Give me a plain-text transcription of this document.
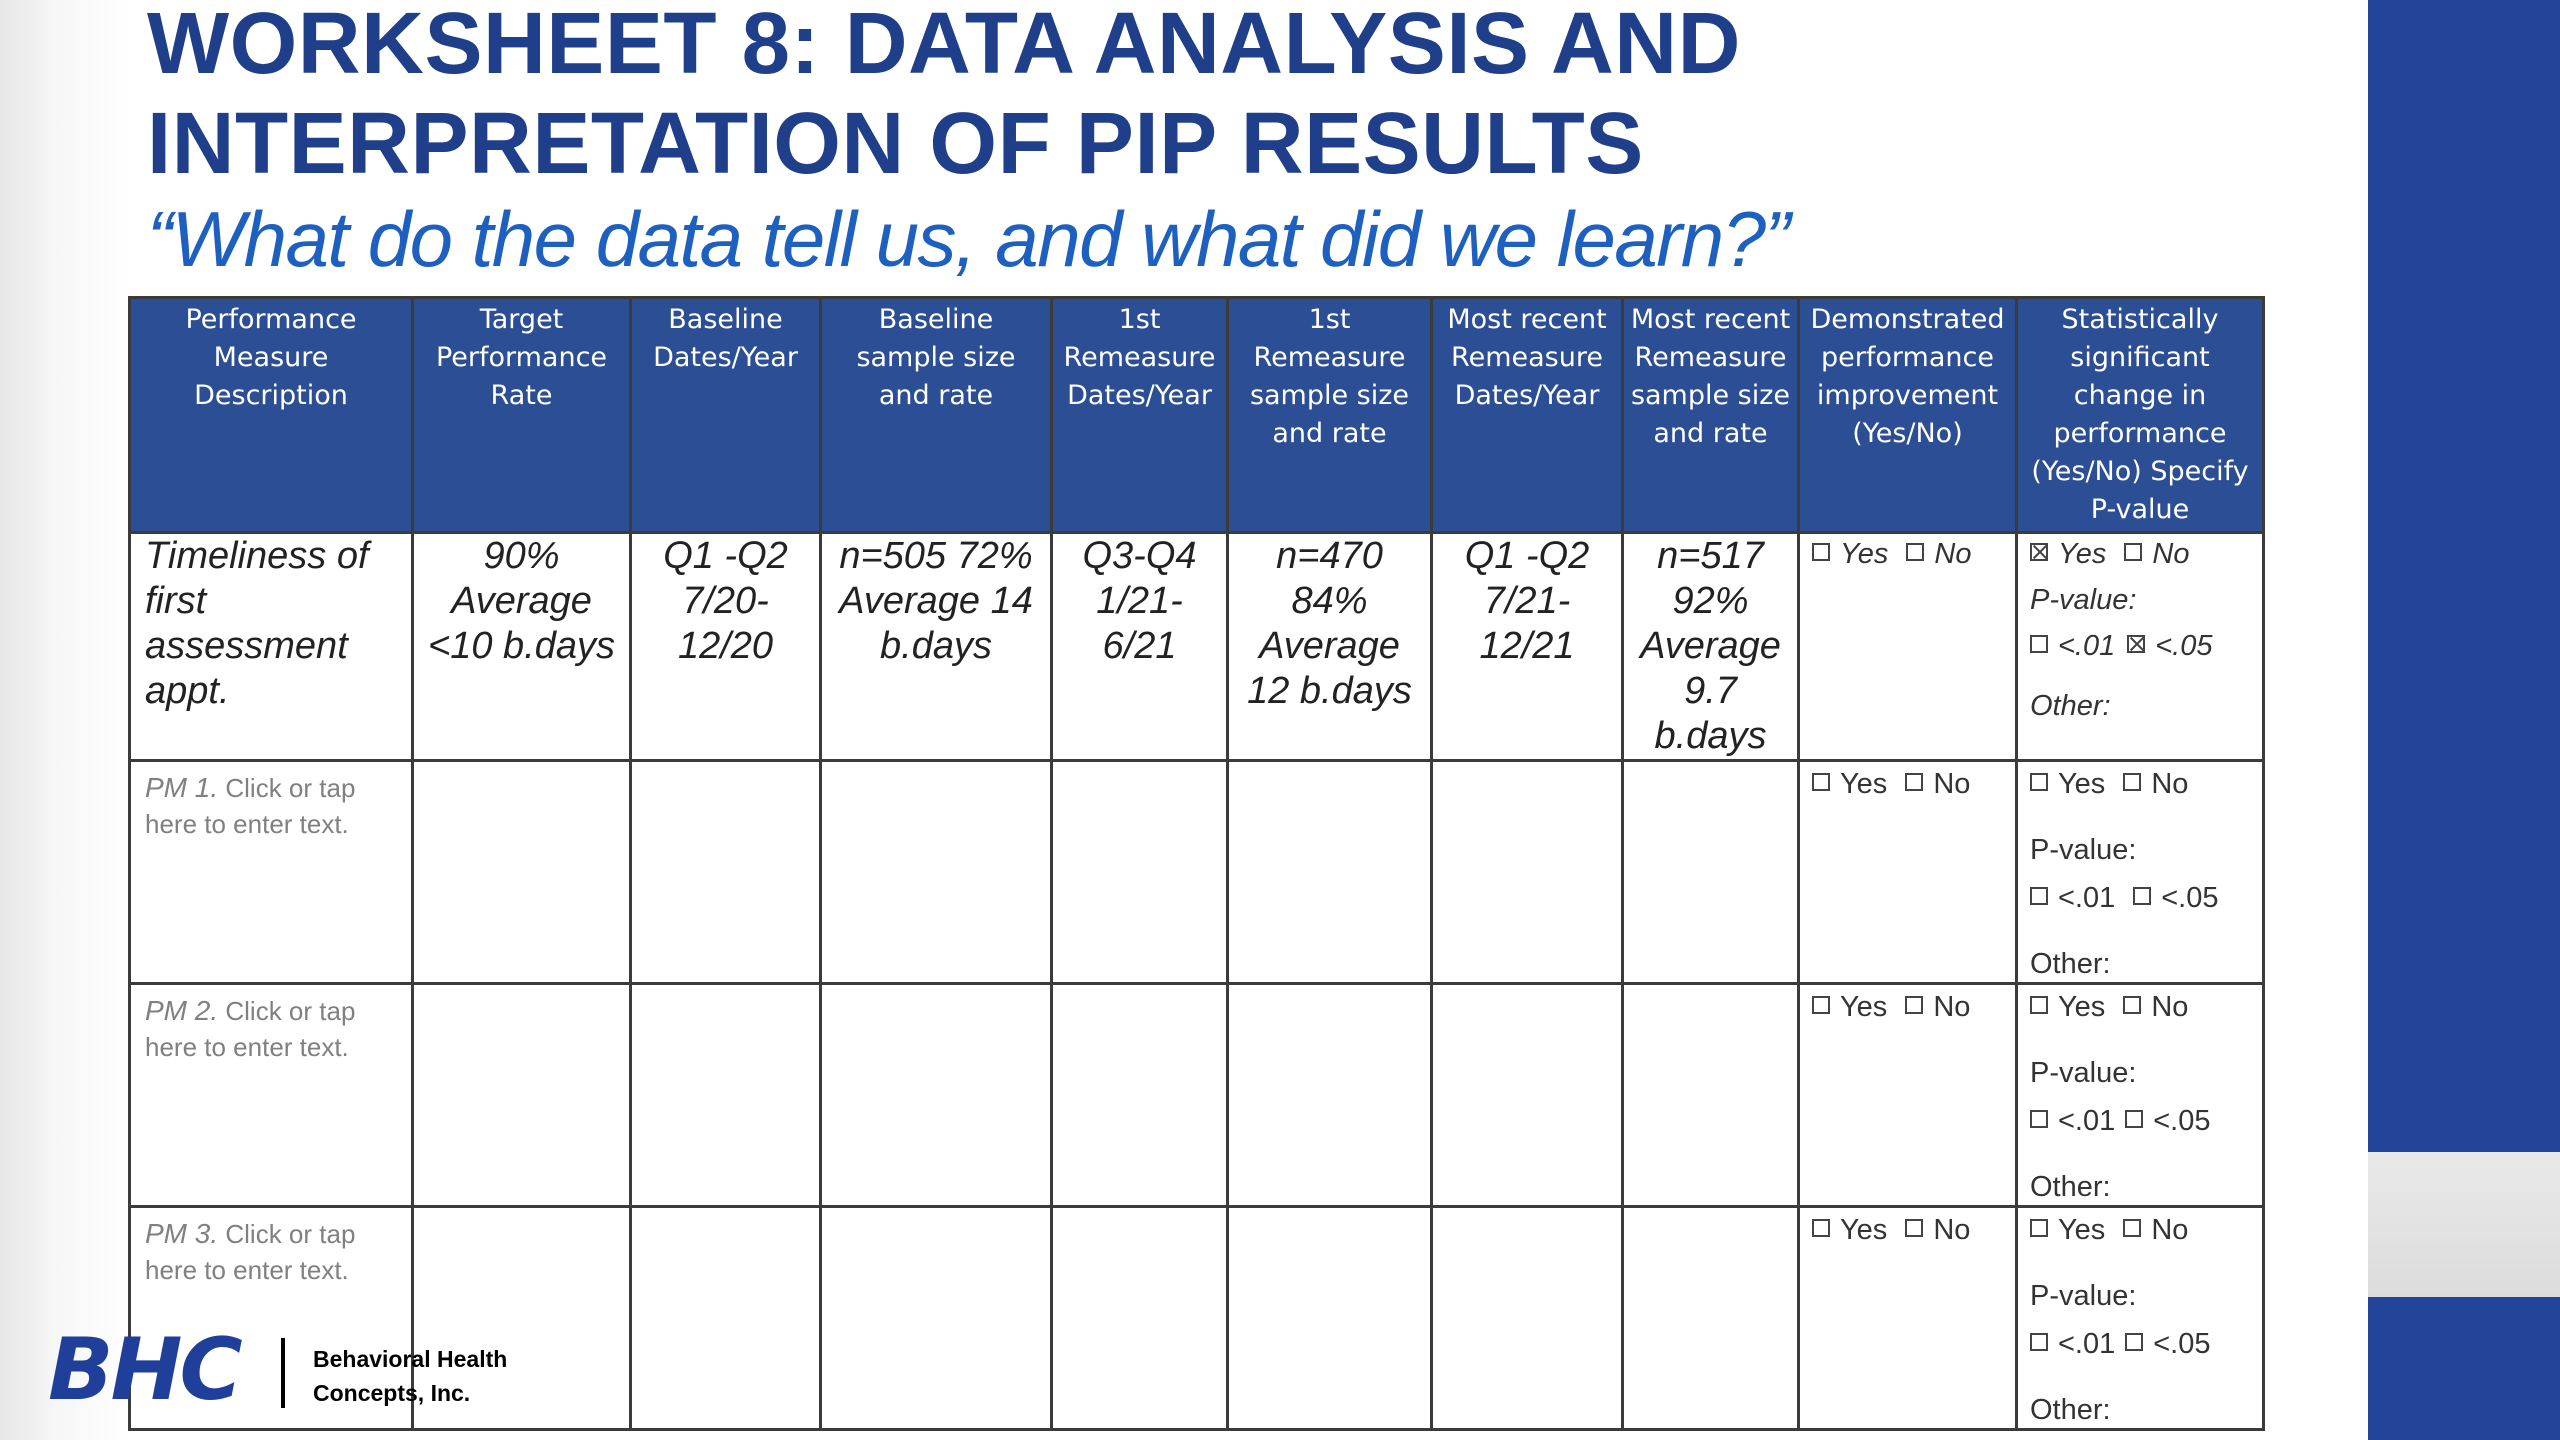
WORKSHEET 8: DATA ANALYSIS AND
INTERPRETATION OF PIP RESULTS

“What do the data tell us, and what did we learn?”

Performance Measure Description	Target Performance Rate	Baseline Dates/Year	Baseline sample size and rate	1st Remeasure Dates/Year	1st Remeasure sample size and rate	Most recent Remeasure Dates/Year	Most recent Remeasure sample size and rate	Demonstrated performance improvement (Yes/No)	Statistically significant change in performance (Yes/No) Specify P-value

Timeliness of first assessment appt.	90% Average <10 b.days	Q1 -Q2 7/20- 12/20	n=505 72% Average 14 b.days	Q3-Q4 1/21- 6/21	n=470 84% Average 12 b.days	Q1 -Q2 7/21- 12/21	n=517 92% Average 9.7 b.days	Yes No	Yes No
P-value:
<.01 <.05
Other:

PM 1. Click or tap here to enter text.								Yes No	Yes No
P-value:
<.01 <.05
Other:

PM 2. Click or tap here to enter text.								Yes No	Yes No
P-value:
<.01 <.05
Other:

PM 3. Click or tap here to enter text.								Yes No	Yes No
P-value:
<.01 <.05
Other:
BHC	Behavioral Health
Concepts, Inc.
